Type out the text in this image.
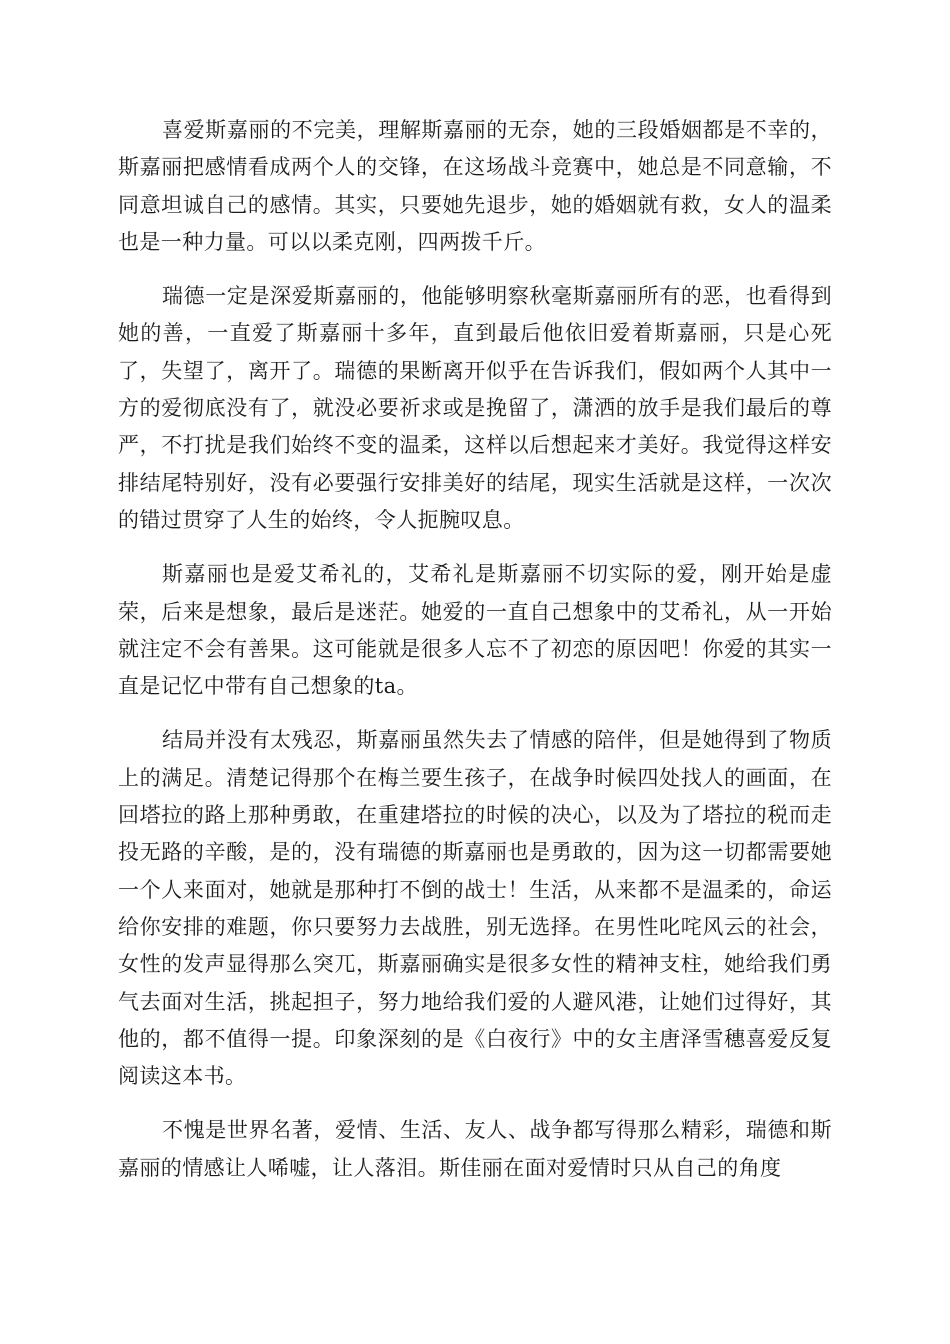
喜爱斯嘉丽的不完美，理解斯嘉丽的无奈，她的三段婚姻都是不幸的，斯嘉丽把感情看成两个人的交锋，在这场战斗竞赛中，她总是不同意输，不同意坦诚自己的感情。其实，只要她先退步，她的婚姻就有救，女人的温柔也是一种力量。可以以柔克刚，四两拨千斤。

瑞德一定是深爱斯嘉丽的，他能够明察秋毫斯嘉丽所有的恶，也看得到她的善，一直爱了斯嘉丽十多年，直到最后他依旧爱着斯嘉丽，只是心死了，失望了，离开了。瑞德的果断离开似乎在告诉我们，假如两个人其中一方的爱彻底没有了，就没必要祈求或是挽留了，潇洒的放手是我们最后的尊严，不打扰是我们始终不变的温柔，这样以后想起来才美好。我觉得这样安排结尾特别好，没有必要强行安排美好的结尾，现实生活就是这样，一次次的错过贯穿了人生的始终，令人扼腕叹息。

斯嘉丽也是爱艾希礼的，艾希礼是斯嘉丽不切实际的爱，刚开始是虚荣，后来是想象，最后是迷茫。她爱的一直自己想象中的艾希礼，从一开始就注定不会有善果。这可能就是很多人忘不了初恋的原因吧！你爱的其实一直是记忆中带有自己想象的ta。

结局并没有太残忍，斯嘉丽虽然失去了情感的陪伴，但是她得到了物质上的满足。清楚记得那个在梅兰要生孩子，在战争时候四处找人的画面，在回塔拉的路上那种勇敢，在重建塔拉的时候的决心，以及为了塔拉的税而走投无路的辛酸，是的，没有瑞德的斯嘉丽也是勇敢的，因为这一切都需要她一个人来面对，她就是那种打不倒的战士！生活，从来都不是温柔的，命运给你安排的难题，你只要努力去战胜，别无选择。在男性叱咤风云的社会，女性的发声显得那么突兀，斯嘉丽确实是很多女性的精神支柱，她给我们勇气去面对生活，挑起担子，努力地给我们爱的人避风港，让她们过得好，其他的，都不值得一提。印象深刻的是《白夜行》中的女主唐泽雪穗喜爱反复阅读这本书。

不愧是世界名著，爱情、生活、友人、战争都写得那么精彩，瑞德和斯嘉丽的情感让人唏嘘，让人落泪。斯佳丽在面对爱情时只从自己的角度
